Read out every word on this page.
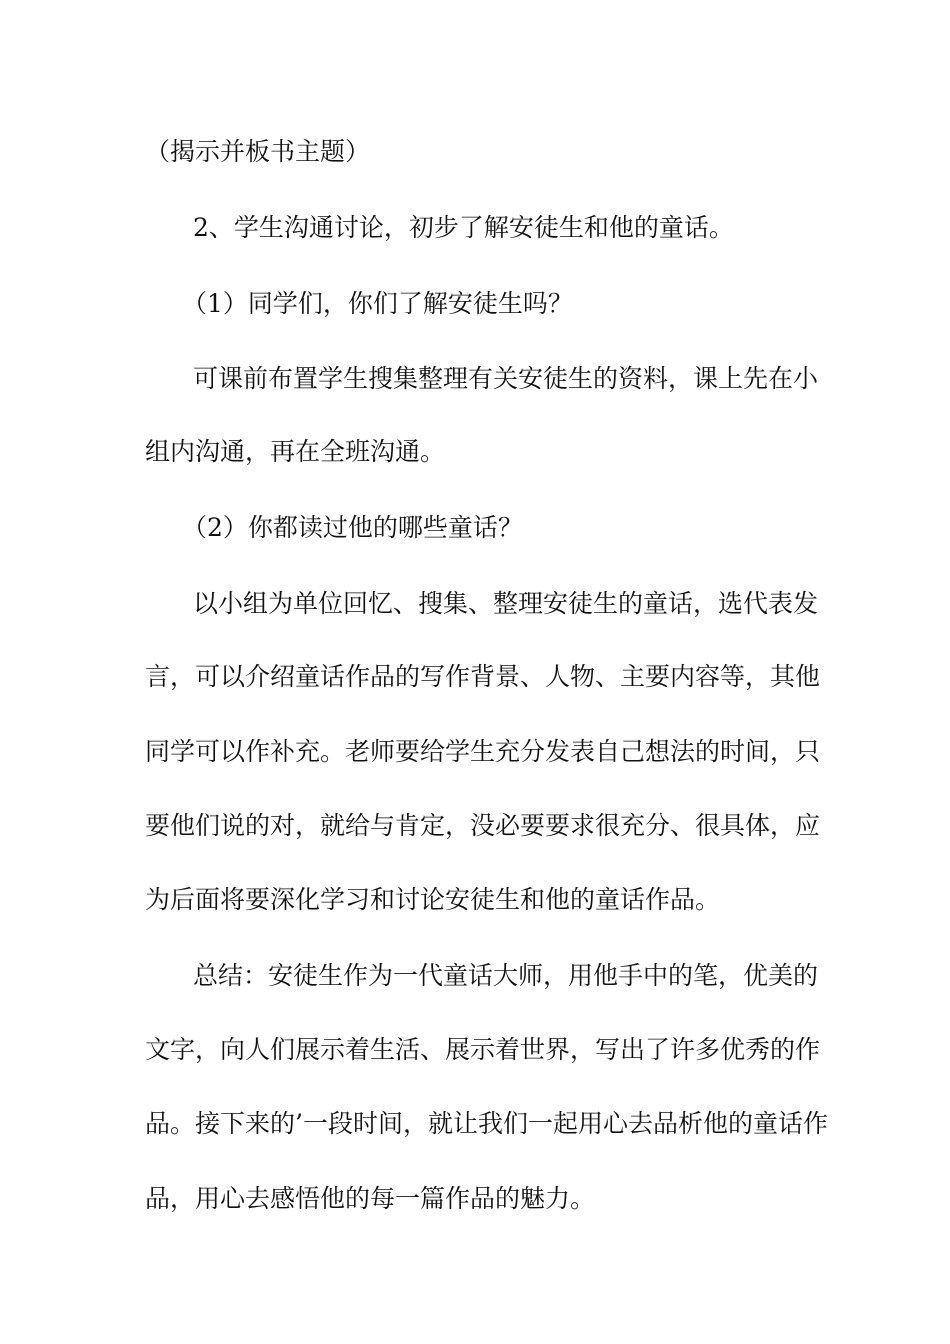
（揭示并板书主题）
2、学生沟通讨论，初步了解安徒生和他的童话。
（1）同学们，你们了解安徒生吗？
可课前布置学生搜集整理有关安徒生的资料，课上先在小
组内沟通，再在全班沟通。
（2）你都读过他的哪些童话？
以小组为单位回忆、搜集、整理安徒生的童话，选代表发
言，可以介绍童话作品的写作背景、人物、主要内容等，其他
同学可以作补充。老师要给学生充分发表自己想法的时间，只
要他们说的对，就给与肯定，没必要要求很充分、很具体，应
为后面将要深化学习和讨论安徒生和他的童话作品。
总结：安徒生作为一代童话大师，用他手中的笔，优美的
文字，向人们展示着生活、展示着世界，写出了许多优秀的作
品。接下来的’一段时间，就让我们一起用心去品析他的童话作
品，用心去感悟他的每一篇作品的魅力。
